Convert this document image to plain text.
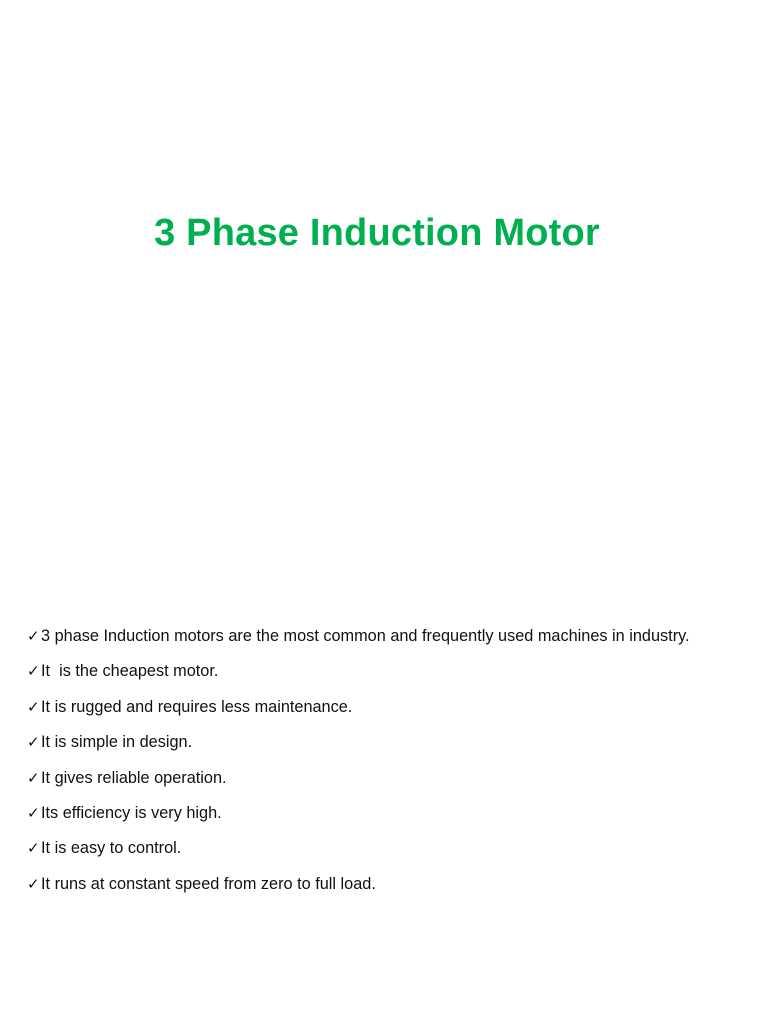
3 Phase Induction Motor
✓3 phase Induction motors are the most common and frequently used machines in industry.
✓It  is the cheapest motor.
✓It is rugged and requires less maintenance.
✓It is simple in design.
✓It gives reliable operation.
✓Its efficiency is very high.
✓It is easy to control.
✓It runs at constant speed from zero to full load.
